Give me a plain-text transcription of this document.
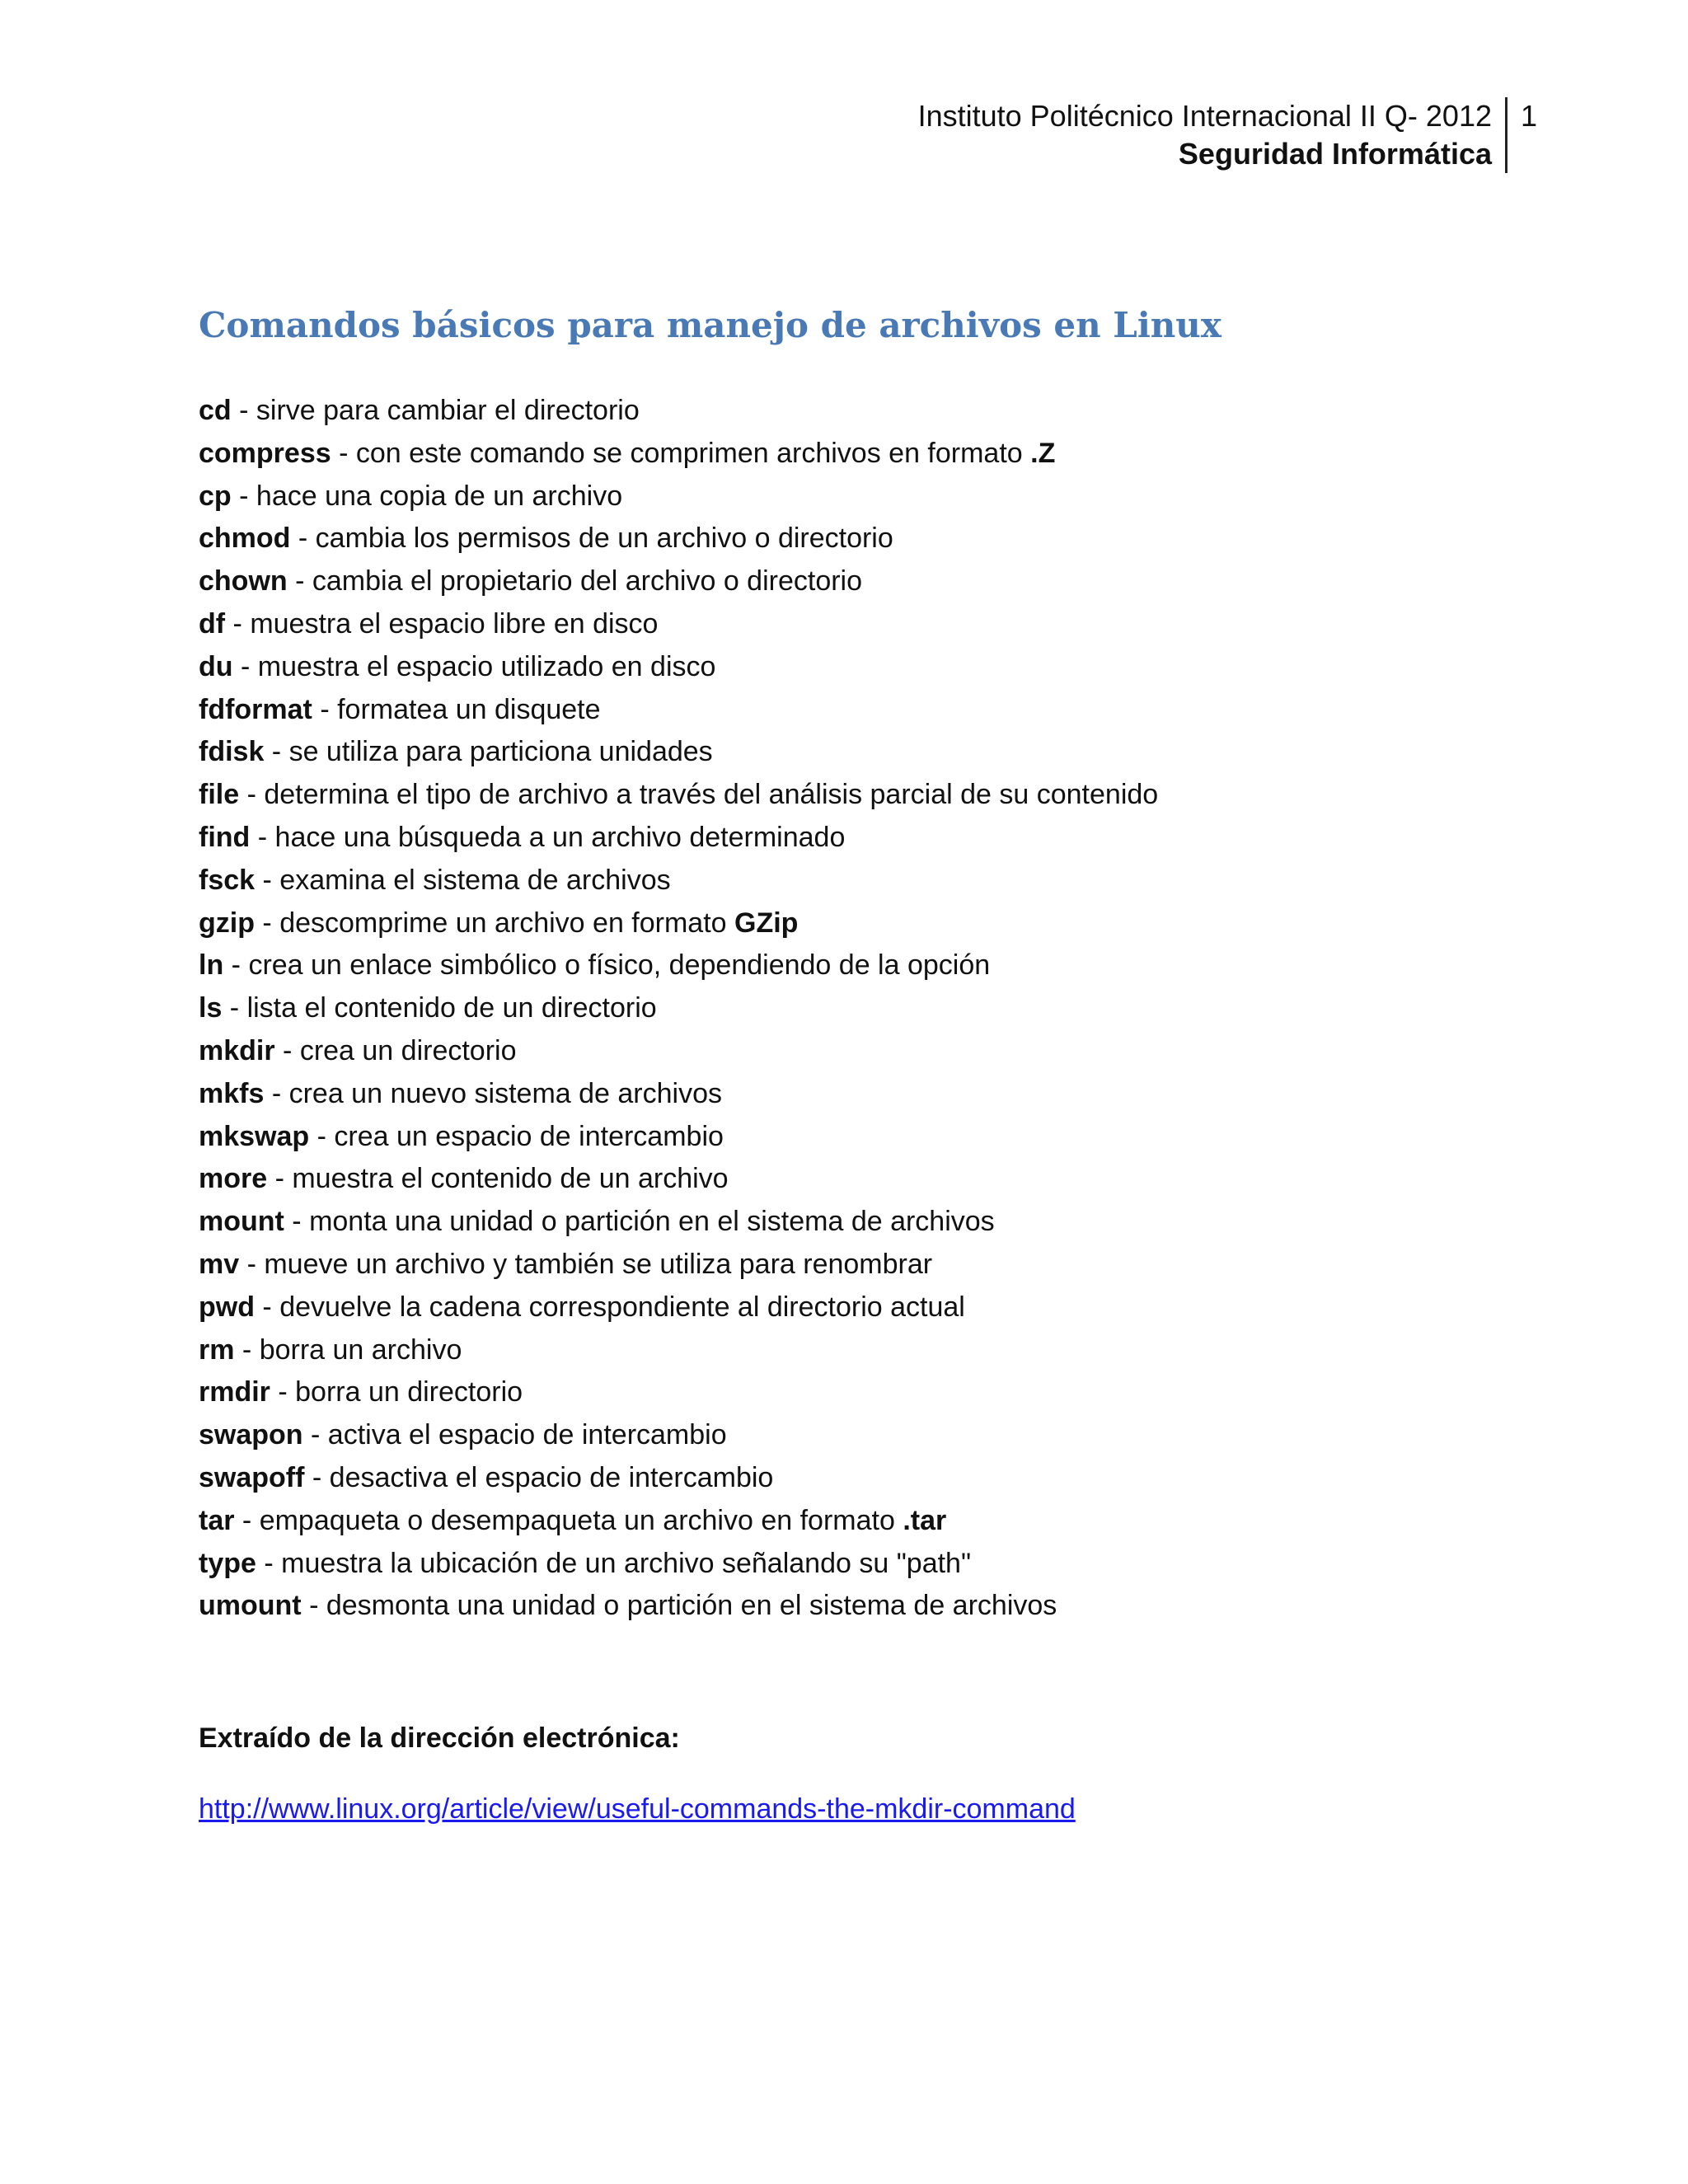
Instituto Politécnico Internacional II Q- 2012
Seguridad Informática
1
Comandos básicos para manejo de archivos en Linux
cd - sirve para cambiar el directorio
compress - con este comando se comprimen archivos en formato .Z
cp - hace una copia de un archivo
chmod - cambia los permisos de un archivo o directorio
chown - cambia el propietario del archivo o directorio
df - muestra el espacio libre en disco
du - muestra el espacio utilizado en disco
fdformat - formatea un disquete
fdisk - se utiliza para particiona unidades
file - determina el tipo de archivo a través del análisis parcial de su contenido
find - hace una búsqueda a un archivo determinado
fsck - examina el sistema de archivos
gzip - descomprime un archivo en formato GZip
ln - crea un enlace simbólico o físico, dependiendo de la opción
ls - lista el contenido de un directorio
mkdir - crea un directorio
mkfs - crea un nuevo sistema de archivos
mkswap - crea un espacio de intercambio
more - muestra el contenido de un archivo
mount - monta una unidad o partición en el sistema de archivos
mv - mueve un archivo y también se utiliza para renombrar
pwd - devuelve la cadena correspondiente al directorio actual
rm - borra un archivo
rmdir - borra un directorio
swapon - activa el espacio de intercambio
swapoff - desactiva el espacio de intercambio
tar - empaqueta o desempaqueta un archivo en formato .tar
type - muestra la ubicación de un archivo señalando su "path"
umount - desmonta una unidad o partición en el sistema de archivos

Extraído de la dirección electrónica:

http://www.linux.org/article/view/useful-commands-the-mkdir-command
